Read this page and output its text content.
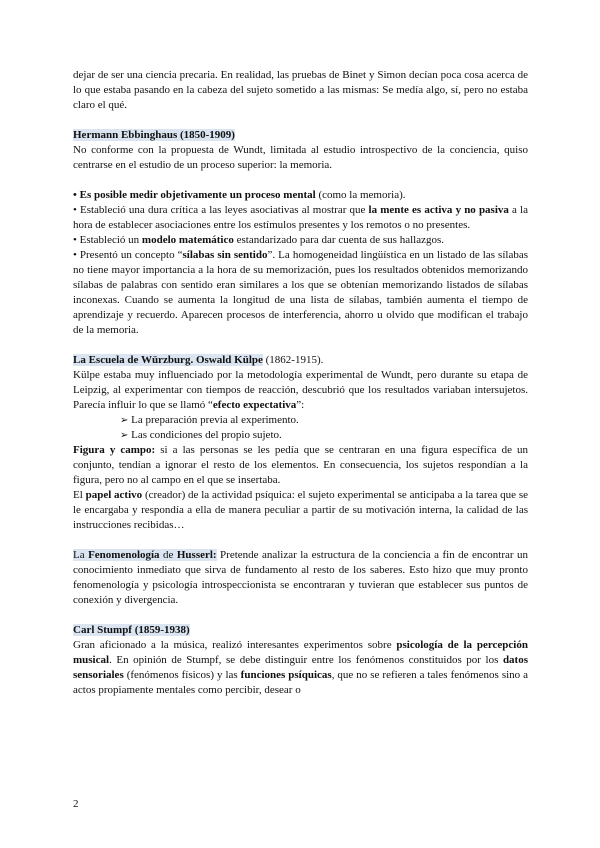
dejar de ser una ciencia precaria. En realidad, las pruebas de Binet y Simon decían poca cosa acerca de lo que estaba pasando en la cabeza del sujeto sometido a las mismas: Se medía algo, sí, pero no estaba claro el qué.

Hermann Ebbinghaus (1850-1909)

No conforme con la propuesta de Wundt, limitada al estudio introspectivo de la conciencia, quiso centrarse en el estudio de un proceso superior: la memoria.

• Es posible medir objetivamente un proceso mental (como la memoria).

• Estableció una dura crítica a las leyes asociativas al mostrar que la mente es activa y no pasiva a la hora de establecer asociaciones entre los estímulos presentes y los remotos o no presentes.

• Estableció un modelo matemático estandarizado para dar cuenta de sus hallazgos.

• Presentó un concepto “sílabas sin sentido”. La homogeneidad lingüística en un listado de las sílabas no tiene mayor importancia a la hora de su memorización, pues los resultados obtenidos memorizando sílabas de palabras con sentido eran similares a los que se obtenían memorizando listados de sílabas inconexas. Cuando se aumenta la longitud de una lista de sílabas, también aumenta el tiempo de aprendizaje y recuerdo. Aparecen procesos de interferencia, ahorro u olvido que modifican el trabajo de la memoria.

La Escuela de Würzburg. Oswald Külpe (1862-1915).

Külpe estaba muy influenciado por la metodología experimental de Wundt, pero durante su etapa de Leipzig, al experimentar con tiempos de reacción, descubrió que los resultados variaban intersujetos. Parecía influir lo que se llamó “efecto expectativa”:

➢ La preparación previa al experimento.

➢ Las condiciones del propio sujeto.

Figura y campo: si a las personas se les pedía que se centraran en una figura específica de un conjunto, tendían a ignorar el resto de los elementos. En consecuencia, los sujetos respondían a la figura, pero no al campo en el que se insertaba.

El papel activo (creador) de la actividad psíquica: el sujeto experimental se anticipaba a la tarea que se le encargaba y respondía a ella de manera peculiar a partir de su motivación interna, la calidad de las instrucciones recibidas…

La Fenomenología de Husserl: Pretende analizar la estructura de la conciencia a fin de encontrar un conocimiento inmediato que sirva de fundamento al resto de los saberes. Esto hizo que muy pronto fenomenología y psicología introspeccionista se encontraran y tuvieran que establecer sus puntos de conexión y divergencia.

Carl Stumpf (1859-1938)

Gran aficionado a la música, realizó interesantes experimentos sobre psicología de la percepción musical. En opinión de Stumpf, se debe distinguir entre los fenómenos constituidos por los datos sensoriales (fenómenos físicos) y las funciones psíquicas, que no se refieren a tales fenómenos sino a actos propiamente mentales como percibir, desear o

2
